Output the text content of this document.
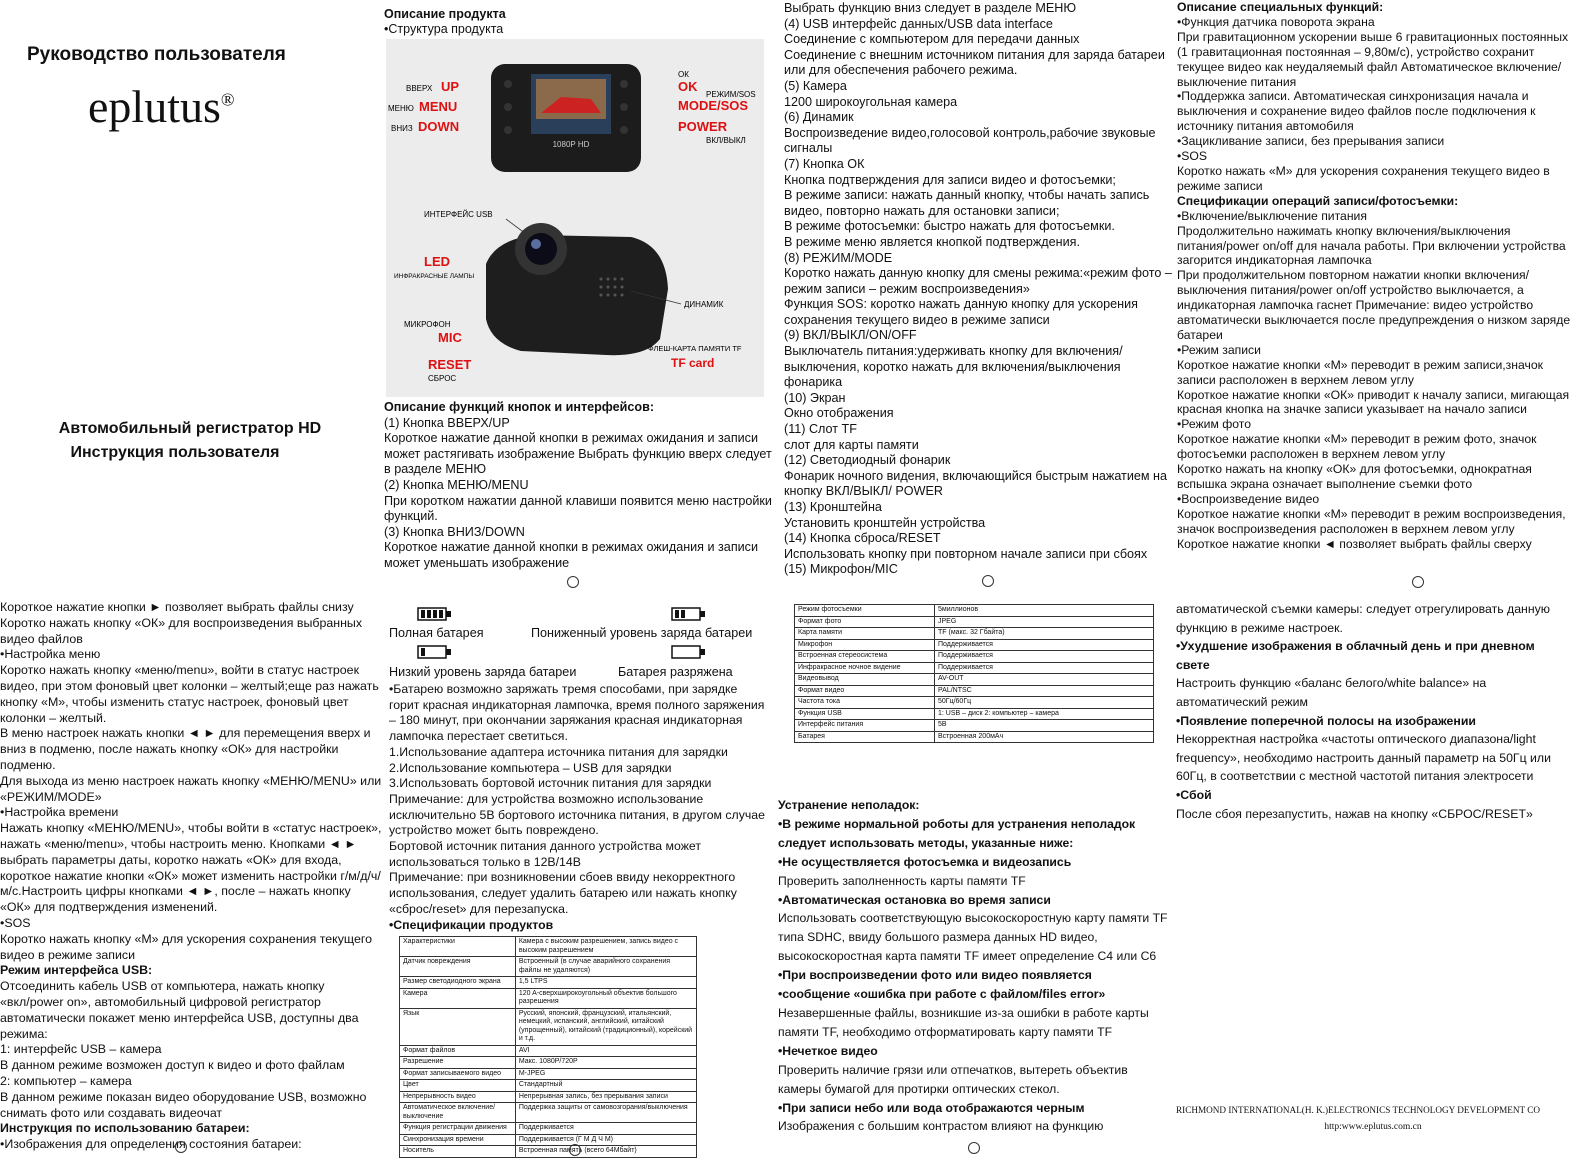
Руководство пользователя
eplutus®
Автомобильный регистратор HD
Инструкция пользователя
Описание продукта
•Структура продукта
1080P HD
ВВЕРХ UP
МЕНЮ MENU
ВНИЗ DOWN
ОК
OK
РЕЖИМ/SOS
MODE/SOS
POWER
ВКЛ/ВЫКЛ
ИНТЕРФЕЙС USB
LED
ИНФРАКРАСНЫЕ ЛАМПЫ
ДИНАМИК
МИКРОФОН
MIC
ФЛЕШ-КАРТА ПАМЯТИ TF
TF card
RESET
СБРОС

Описание функций кнопок и интерфейсов:

(1) Кнопка ВВЕРХ/UP

Короткое нажатие данной кнопки в режимах ожидания и записи может растягивать изображение Выбрать функцию вверх следует в разделе МЕНЮ

(2) Кнопка МЕНЮ/MENU

При коротком нажатии данной клавиши появится меню настройки функций.

(3) Кнопка ВНИЗ/DOWN

Короткое нажатие данной кнопки в режимах ожидания и записи может уменьшать изображение

Выбрать функцию вниз следует в разделе МЕНЮ

(4) USB интерфейс данных/USB data interface

Соединение с компьютером для передачи данных

Соединение с внешним источником питания для заряда батареи или для обеспечения рабочего режима.

(5) Камера

1200 широкоугольная камера

(6) Динамик

Воспроизведение видео,голосовой контроль,рабочие звуковые сигналы

(7) Кнопка ОК

Кнопка подтверждения для записи видео и фотосъемки;

В режиме записи: нажать данный кнопку, чтобы начать запись видео, повторно нажать для остановки записи;

В режиме фотосъемки: быстро нажать для фотосъемки.

В режиме меню является кнопкой подтверждения.

(8) РЕЖИМ/MODE

Коротко нажать данную кнопку для смены режима:«режим фото – режим записи – режим воспроизведения»

Функция SOS: коротко нажать данную кнопку для ускорения сохранения текущего видео в режиме записи

(9) ВКЛ/ВЫКЛ/ON/OFF

Выключатель питания:удерживать кнопку для включения/выключения, коротко нажать для включения/выключения фонарика

(10) Экран

Окно отображения

(11) Слот TF

слот для карты памяти

(12) Светодиодный фонарик

Фонарик ночного видения, включающийся быстрым нажатием на кнопку ВКЛ/ВЫКЛ/ POWER

(13) Кронштейна

Установить кронштейн устройства

(14) Кнопка сброса/RESET

Использовать кнопку при повторном начале записи при сбоях

(15) Микрофон/MIC

Описание специальных функций:

•Функция датчика поворота экрана

При гравитационном ускорении выше 6 гравитационных постоянных (1 гравитационная постоянная – 9,80м/с), устройство сохранит текущее видео как неудаляемый файл Автоматическое включение/выключение питания

•Поддержка записи. Автоматическая синхронизация начала и выключения и сохранение видео файлов после подключения к источнику питания автомобиля

•Зацикливание записи, без прерывания записи

•SOS

Коротко нажать «М» для ускорения сохранения текущего видео в режиме записи

Спецификации операций записи/фотосъемки:

•Включение/выключение питания

Продолжительно нажимать кнопку включения/выключения питания/power on/off для начала работы. При включении устройства загорится индикаторная лампочка

При продолжительном повторном нажатии кнопки включения/выключения питания/power on/off устройство выключается, а индикаторная лампочка гаснет Примечание: видео устройство автоматически выключается после предупреждения о низком заряде батареи

•Режим записи

Короткое нажатие кнопки «М» переводит в режим записи,значок записи расположен в верхнем левом углу

Короткое нажатие кнопки «ОК» приводит к началу записи, мигающая красная кнопка на значке записи указывает на начало записи

•Режим фото

Короткое нажатие кнопки «М» переводит в режим фото, значок фотосъемки расположен в верхнем левом углу

Коротко нажать на кнопку «ОК» для фотосъемки, однократная вспышка экрана означает выполнение съемки фото

•Воспроизведение видео

Короткое нажатие кнопки «М» переводит в режим воспроизведения, значок воспроизведения расположен в верхнем левом углу

Короткое нажатие кнопки ◄ позволяет выбрать файлы сверху

Короткое нажатие кнопки ► позволяет выбрать файлы снизу

Коротко нажать кнопку «ОК» для воспроизведения выбранных видео файлов

•Настройка меню

Коротко нажать кнопку «меню/menu», войти в статус настроек видео, при этом фоновый цвет колонки – желтый;еще раз нажать кнопку «М», чтобы изменить статус настроек, фоновый цвет колонки – желтый.

В меню настроек нажать кнопки ◄ ► для перемещения вверх и вниз в подменю, после нажать кнопку «ОК» для настройки подменю.

Для выхода из меню настроек нажать кнопку «МЕНЮ/MENU» или «РЕЖИМ/MODE»

•Настройка времени

Нажать кнопку «МЕНЮ/MENU», чтобы войти в «статус настроек», нажать «меню/menu», чтобы настроить меню. Кнопками ◄ ► выбрать параметры даты, коротко нажать «ОК» для входа, короткое нажатие кнопки «ОК» может изменить настройки г/м/д/ч/м/с.Настроить цифры кнопками ◄ ►, после – нажать кнопку «ОК» для подтверждения изменений.

•SOS

Коротко нажать кнопку «М» для ускорения сохранения текущего видео в режиме записи

Режим интерфейса USB:

Отсоединить кабель USB от компьютера, нажать кнопку «вкл/power on», автомобильный цифровой регистратор автоматически покажет меню интерфейса USB, доступны два режима:

1: интерфейс USB – камера

В данном режиме возможен доступ к видео и фото файлам

2: компьютер – камера

В данном режиме показан видео оборудование USB, возможно снимать фото или создавать видеочат

Инструкция по использованию батареи:

•Изображения для определения состояния батареи:

Полная батарея	Пониженный уровень заряда батареи
Низкий уровень заряда батареи	Батарея разряжена

•Батарею возможно заряжать тремя способами, при зарядке горит красная индикаторная лампочка, время полного заряжения – 180 минут, при окончании заряжания красная индикаторная лампочка перестает светиться.

1.Использование адаптера источника питания для зарядки

2.Использование компьютера – USB для зарядки

3.Использовать бортовой источник питания для зарядки

Примечание: для устройства возможно использование исключительно 5В бортового источника питания, в другом случае устройство может быть повреждено.

Бортовой источник питания данного устройства может использоваться только в 12В/14В

Примечание: при возникновении сбоев ввиду некорректного использования, следует удалить батарею или нажать кнопку «сброс/reset» для перезапуска.

•Спецификации продуктов

Характеристики	Камера с высоким разрешением, запись видео с высоким разрешением
Датчик повреждения	Встроенный (в случае аварийного сохранения файлы не удаляются)
Размер светодиодного экрана	1,5 LTPS
Камера	120 A-сверхширокоугольный объектив большого разрешения
Язык	Русский, японский, французский, итальянский, немецкий, испанский, английский, китайский (упрощенный), китайский (традиционный), корейский и т.д.
Формат файлов	AVI
Разрешение	Макс. 1080P/720P
Формат записываемого видео	M-JPEG
Цвет	Стандартный
Непрерывность видео	Непрерывная запись, без прерывания записи
Автоматическое включение/выключение	Поддержка защиты от самовозгорания/выключения
Функция регистрации движения	Поддерживается
Синхронизация времени	Поддерживается (Г М Д Ч М)
Носитель	Встроенная память (всего 64Мбайт)
Режим фотосъемки	5миллионов
Формат фото	JPEG
Карта памяти	TF (макс. 32 Гбайта)
Микрофон	Поддерживается
Встроенная стереосистема	Поддерживается
Инфракрасное ночное видение	Поддерживается
Видеовывод	AV-OUT
Формат видео	PAL/NTSC
Частота тока	50Гц/60Гц
Функция USB	1: USB – диск 2: компьютер – камера
Интерфейс питания	5В
Батарея	Встроенная 200мАч

Устранение неполадок:

•В режиме нормальной роботы для устранения неполадок следует использовать методы, указанные ниже:

•Не осуществляется фотосъемка и видеозапись

Проверить заполненность карты памяти TF

•Автоматическая остановка во время записи

Использовать соответствующую высокоскоростную карту памяти TF типа SDHC, ввиду большого размера данных HD видео, высокоскоростная карта памяти TF имеет определение C4 или C6

•При воспроизведении фото или видео появляется

•сообщение «ошибка при работе с файлом/files error»

Незавершенные файлы, возникшие из-за ошибки в работе карты памяти TF, необходимо отформатировать карту памяти TF

•Нечеткое видео

Проверить наличие грязи или отпечатков, вытереть объектив камеры бумагой для протирки оптических стекол.

•При записи небо или вода отображаются черным

Изображения с большим контрастом влияют на функцию

автоматической съемки камеры: следует отрегулировать данную функцию в режиме настроек.

•Ухудшение изображения в облачный день и при дневном свете

Настроить функцию «баланс белого/white balance» на автоматический режим

•Появление поперечной полосы на изображении

Некорректная настройка «частоты оптического диапазона/light frequency», необходимо настроить данный параметр на 50Гц или 60Гц, в соответствии с местной частотой питания электросети

•Сбой

После сбоя перезапустить, нажав на кнопку «СБРОС/RESET»

RICHMOND INTERNATIONAL(H. K.)ELECTRONICS TECHNOLOGY DEVELOPMENT CO
http:www.eplutus.com.cn
